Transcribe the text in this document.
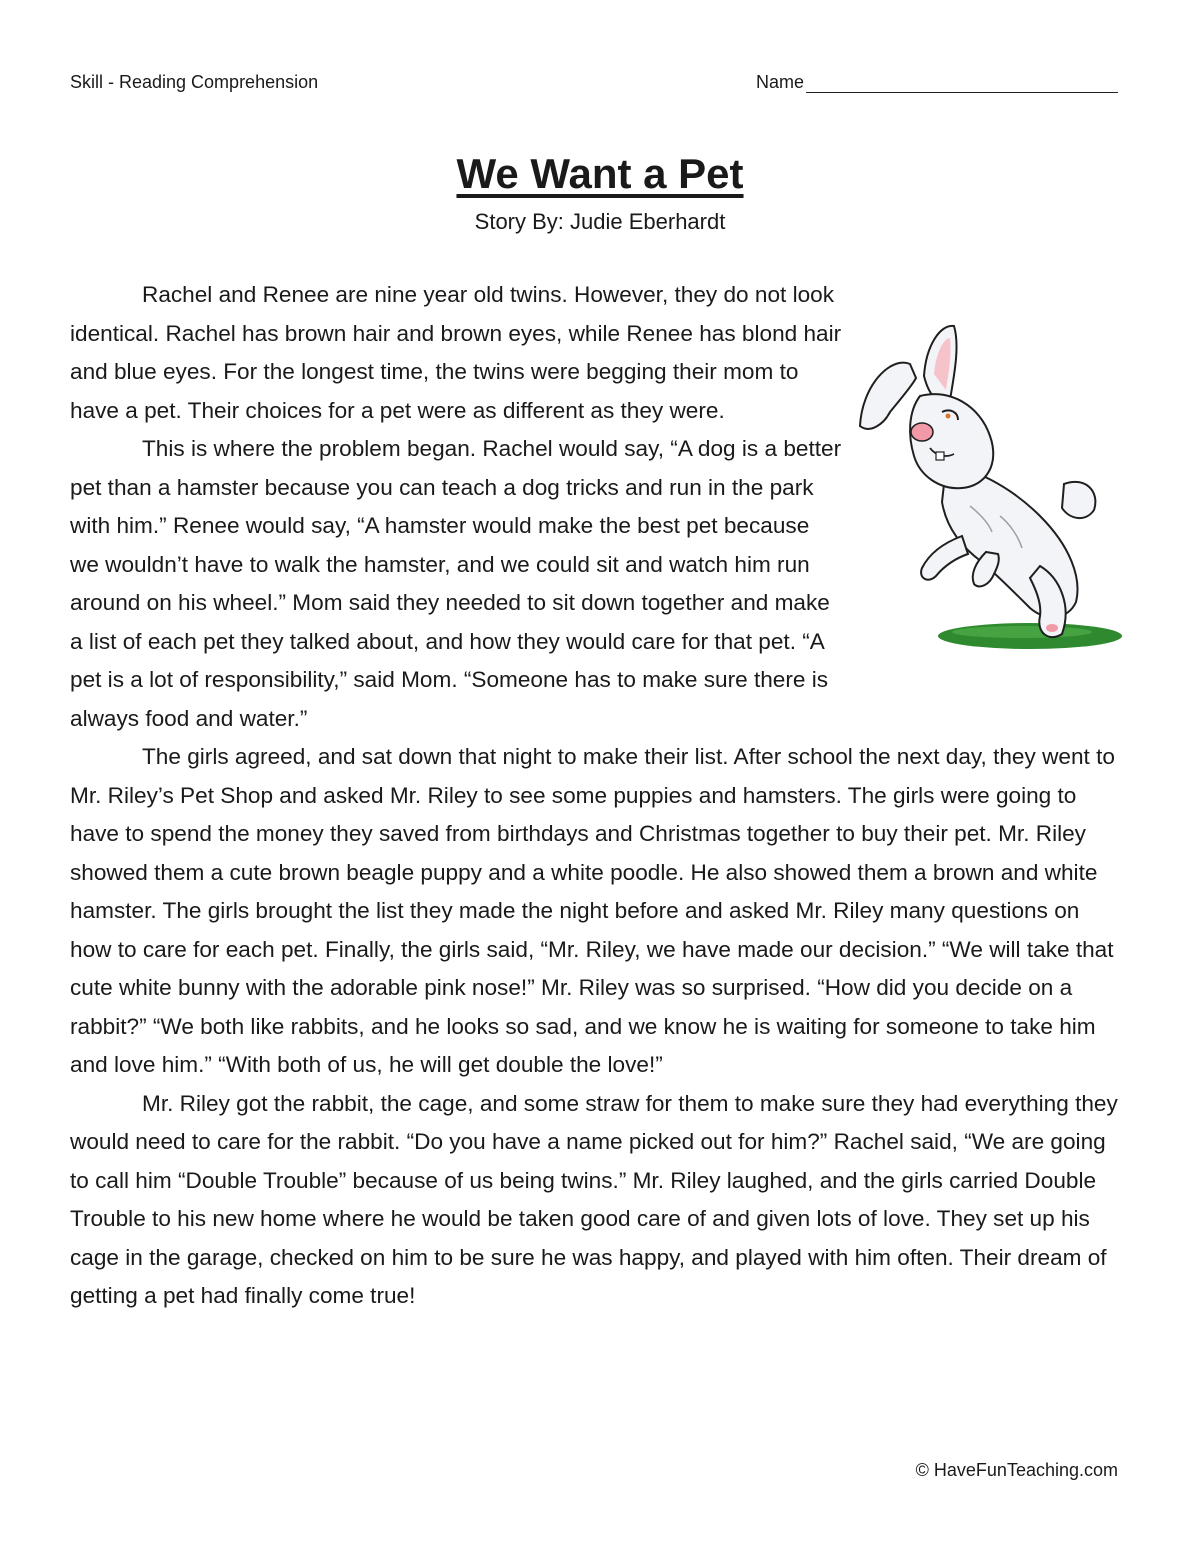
Skill - Reading Comprehension	Name
We Want a Pet
Story By: Judie Eberhardt

Rachel and Renee are nine year old twins. However, they do not look identical. Rachel has brown hair and brown eyes, while Renee has blond hair and blue eyes. For the longest time, the twins were begging their mom to have a pet. Their choices for a pet were as different as they were.

This is where the problem began. Rachel would say, “A dog is a better pet than a hamster because you can teach a dog tricks and run in the park with him.” Renee would say, “A hamster would make the best pet because we wouldn’t have to walk the hamster, and we could sit and watch him run around on his wheel.” Mom said they needed to sit down together and make a list of each pet they talked about, and how they would care for that pet. “A pet is a lot of responsibility,” said Mom. “Someone has to make sure there is always food and water.”

The girls agreed, and sat down that night to make their list. After school the next day, they went to Mr. Riley’s Pet Shop and asked Mr. Riley to see some puppies and hamsters. The girls were going to have to spend the money they saved from birthdays and Christmas together to buy their pet. Mr. Riley showed them a cute brown beagle puppy and a white poodle. He also showed them a brown and white hamster. The girls brought the list they made the night before and asked Mr. Riley many questions on how to care for each pet. Finally, the girls said, “Mr. Riley, we have made our decision.” “We will take that cute white bunny with the adorable pink nose!” Mr. Riley was so surprised. “How did you decide on a rabbit?” “We both like rabbits, and he looks so sad, and we know he is waiting for someone to take him and love him.” “With both of us, he will get double the love!”

Mr. Riley got the rabbit, the cage, and some straw for them to make sure they had everything they would need to care for the rabbit. “Do you have a name picked out for him?” Rachel said, “We are going to call him “Double Trouble” because of us being twins.” Mr. Riley laughed, and the girls carried Double Trouble to his new home where he would be taken good care of and given lots of love. They set up his cage in the garage, checked on him to be sure he was happy, and played with him often. Their dream of getting a pet had finally come true!

© HaveFunTeaching.com
